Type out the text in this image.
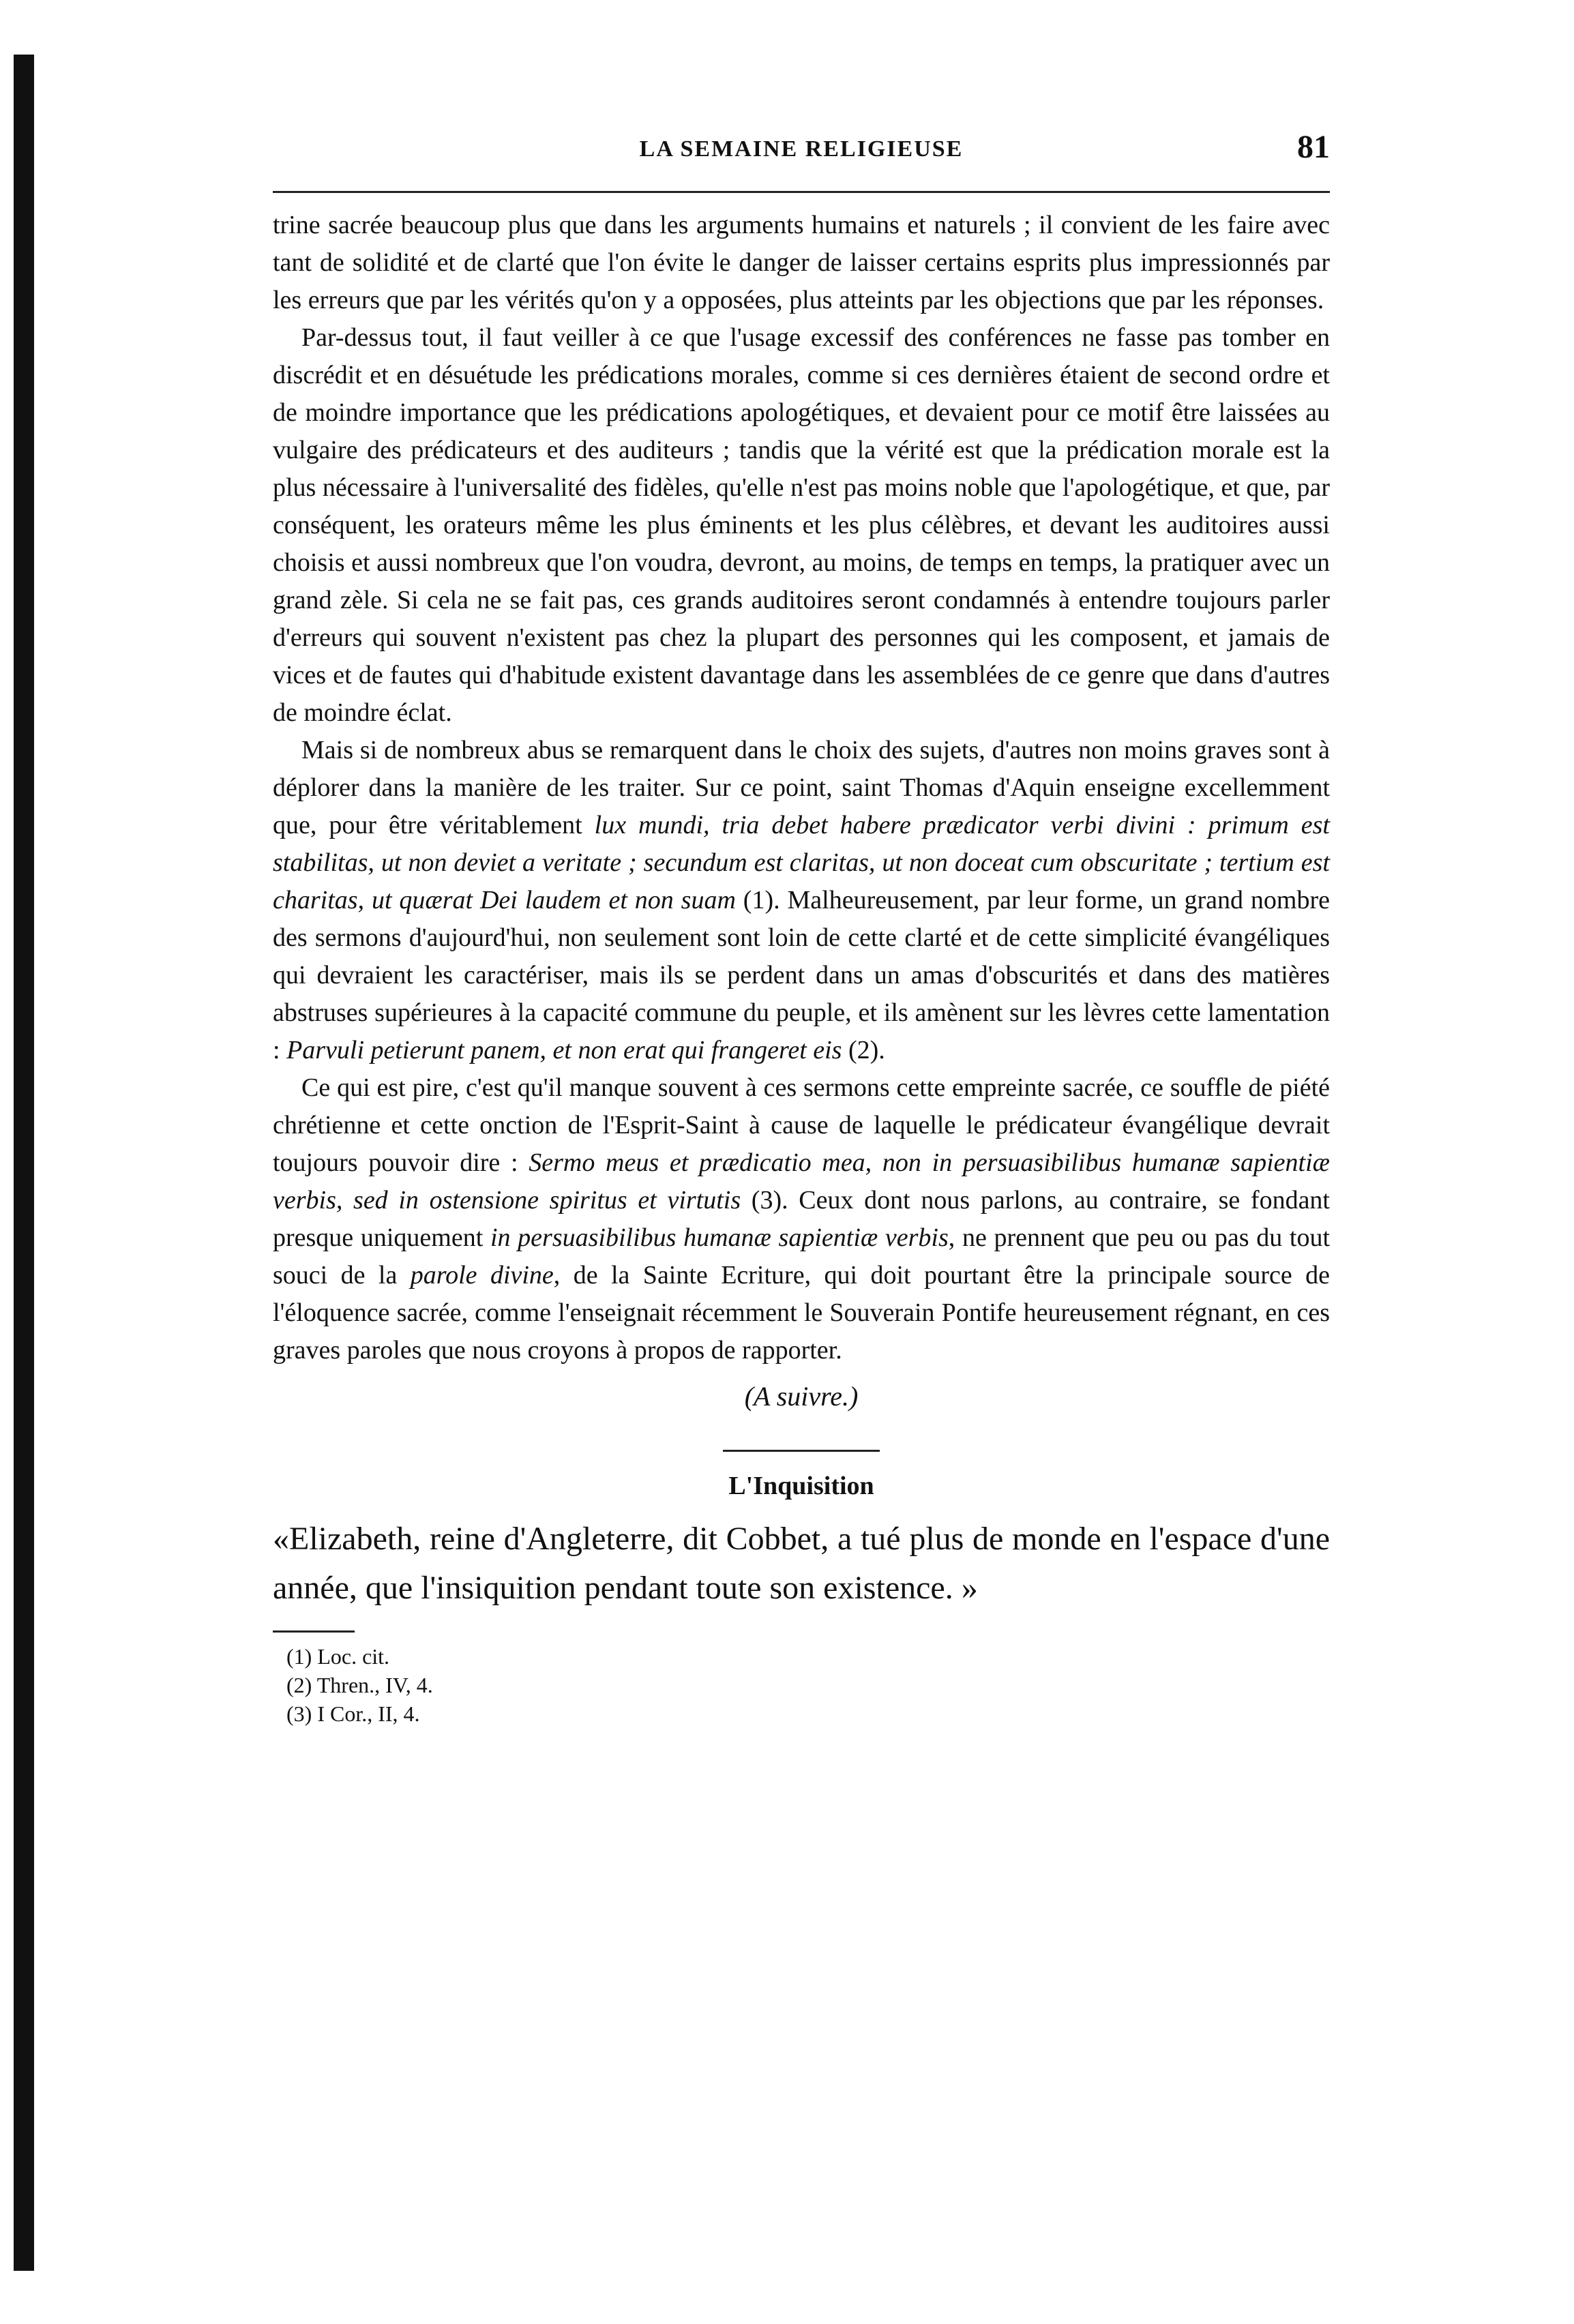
LA SEMAINE RELIGIEUSE	81

trine sacrée beaucoup plus que dans les arguments humains et naturels ; il convient de les faire avec tant de solidité et de clarté que l'on évite le danger de laisser certains esprits plus impressionnés par les erreurs que par les vérités qu'on y a opposées, plus atteints par les objections que par les réponses.

Par-dessus tout, il faut veiller à ce que l'usage excessif des conférences ne fasse pas tomber en discrédit et en désuétude les prédications morales, comme si ces dernières étaient de second ordre et de moindre importance que les prédications apologétiques, et devaient pour ce motif être laissées au vulgaire des prédicateurs et des auditeurs ; tandis que la vérité est que la prédication morale est la plus nécessaire à l'universalité des fidèles, qu'elle n'est pas moins noble que l'apologétique, et que, par conséquent, les orateurs même les plus éminents et les plus célèbres, et devant les auditoires aussi choisis et aussi nombreux que l'on voudra, devront, au moins, de temps en temps, la pratiquer avec un grand zèle. Si cela ne se fait pas, ces grands auditoires seront condamnés à entendre toujours parler d'erreurs qui souvent n'existent pas chez la plupart des personnes qui les composent, et jamais de vices et de fautes qui d'habitude existent davantage dans les assemblées de ce genre que dans d'autres de moindre éclat.

Mais si de nombreux abus se remarquent dans le choix des sujets, d'autres non moins graves sont à déplorer dans la manière de les traiter. Sur ce point, saint Thomas d'Aquin enseigne excellemment que, pour être véritablement lux mundi, tria debet habere prædicator verbi divini : primum est stabilitas, ut non deviet a veritate ; secundum est claritas, ut non doceat cum obscuritate ; tertium est charitas, ut quærat Dei laudem et non suam (1). Malheureusement, par leur forme, un grand nombre des sermons d'aujourd'hui, non seulement sont loin de cette clarté et de cette simplicité évangéliques qui devraient les caractériser, mais ils se perdent dans un amas d'obscurités et dans des matières abstruses supérieures à la capacité commune du peuple, et ils amènent sur les lèvres cette lamentation : Parvuli petierunt panem, et non erat qui frangeret eis (2).

Ce qui est pire, c'est qu'il manque souvent à ces sermons cette empreinte sacrée, ce souffle de piété chrétienne et cette onction de l'Esprit-Saint à cause de laquelle le prédicateur évangélique devrait toujours pouvoir dire : Sermo meus et prædicatio mea, non in persuasibilibus humanæ sapientiæ verbis, sed in ostensione spiritus et virtutis (3). Ceux dont nous parlons, au contraire, se fondant presque uniquement in persuasibilibus humanæ sapientiæ verbis, ne prennent que peu ou pas du tout souci de la parole divine, de la Sainte Ecriture, qui doit pourtant être la principale source de l'éloquence sacrée, comme l'enseignait récemment le Souverain Pontife heureusement régnant, en ces graves paroles que nous croyons à propos de rapporter.

(A suivre.)
L'Inquisition

«Elizabeth, reine d'Angleterre, dit Cobbet, a tué plus de monde en l'espace d'une année, que l'insiquition pendant toute son existence. »

(1) Loc. cit.
(2) Thren., IV, 4.
(3) I Cor., II, 4.
